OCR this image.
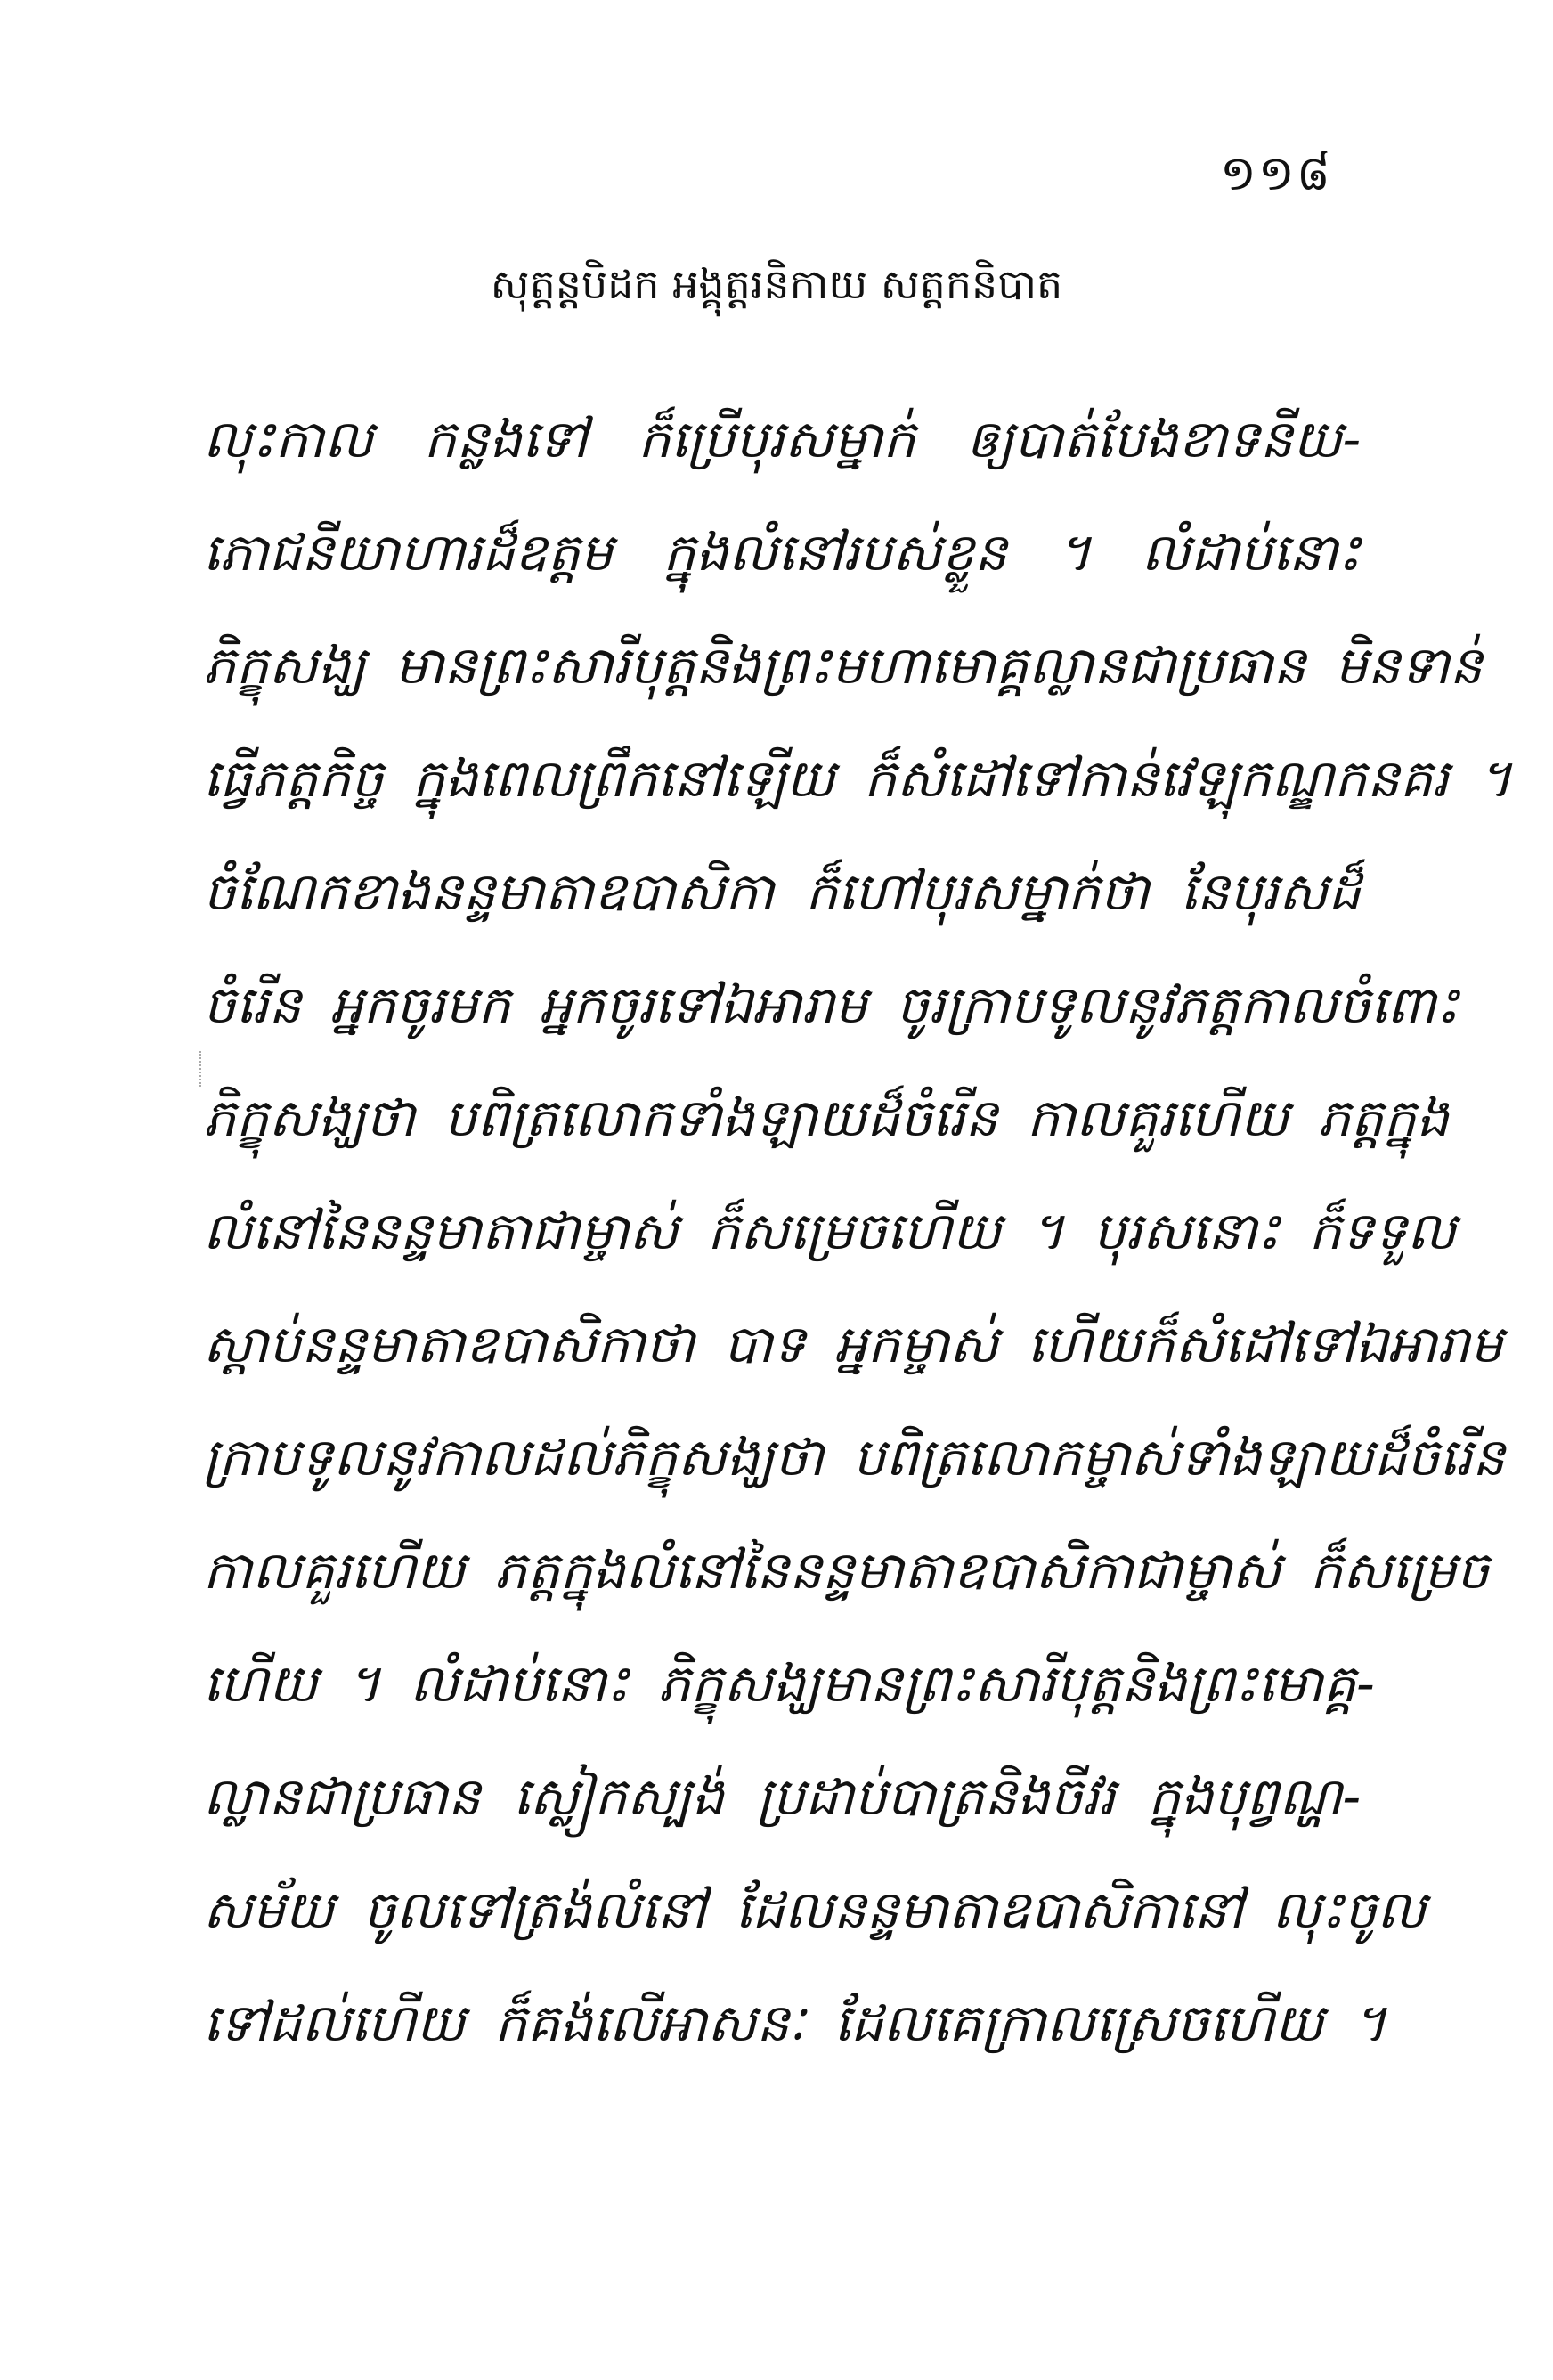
១១៨
សុត្តន្តបិដក អង្គុត្តរនិកាយ សត្តកនិបាត
លុះកាល កន្លងទៅ ក៏ប្រើបុរសម្នាក់ ឲ្យបាត់បែងខាទនីយ-
ភោជនីយាហារដ៏ឧត្តម ក្នុងលំនៅរបស់ខ្លួន ។ លំដាប់នោះ
ភិក្ខុសង្ឃ មានព្រះសារីបុត្តនិងព្រះមហាមោគ្គល្លានជាប្រធាន មិនទាន់
ធ្វើភត្តកិច្ច ក្នុងពេលព្រឹកនៅឡើយ ក៏សំដៅទៅកាន់វេឡុកណ្ឌកនគរ ។
ចំណែកខាងនន្ទមាតាឧបាសិកា ក៏ហៅបុរសម្នាក់ថា នែបុរសដ៏
ចំរើន អ្នកចូរមក អ្នកចូរទៅឯអារាម ចូរក្រាបទូលនូវភត្តកាលចំពោះ
ភិក្ខុសង្ឃថា បពិត្រលោកទាំងឡាយដ៏ចំរើន កាលគួរហើយ ភត្តក្នុង
លំនៅនៃនន្ទមាតាជាម្ចាស់ ក៏សម្រេចហើយ ។ បុរសនោះ ក៏ទទួល
ស្តាប់នន្ទមាតាឧបាសិកាថា បាទ អ្នកម្ចាស់ ហើយក៏សំដៅទៅឯអារាម
ក្រាបទូលនូវកាលដល់ភិក្ខុសង្ឃថា បពិត្រលោកម្ចាស់ទាំងឡាយដ៏ចំរើន
កាលគួរហើយ ភត្តក្នុងលំនៅនៃនន្ទមាតាឧបាសិកាជាម្ចាស់ ក៏សម្រេច
ហើយ ។ លំដាប់នោះ ភិក្ខុសង្ឃមានព្រះសារីបុត្តនិងព្រះមោគ្គ-
ល្លានជាប្រធាន ស្លៀកស្បង់ ប្រដាប់បាត្រនិងចីវរ ក្នុងបុព្វណ្ហ-
សម័យ ចូលទៅត្រង់លំនៅ ដែលនន្ទមាតាឧបាសិកានៅ លុះចូល
ទៅដល់ហើយ ក៏គង់លើអាសនៈ ដែលគេក្រាលស្រេចហើយ ។
